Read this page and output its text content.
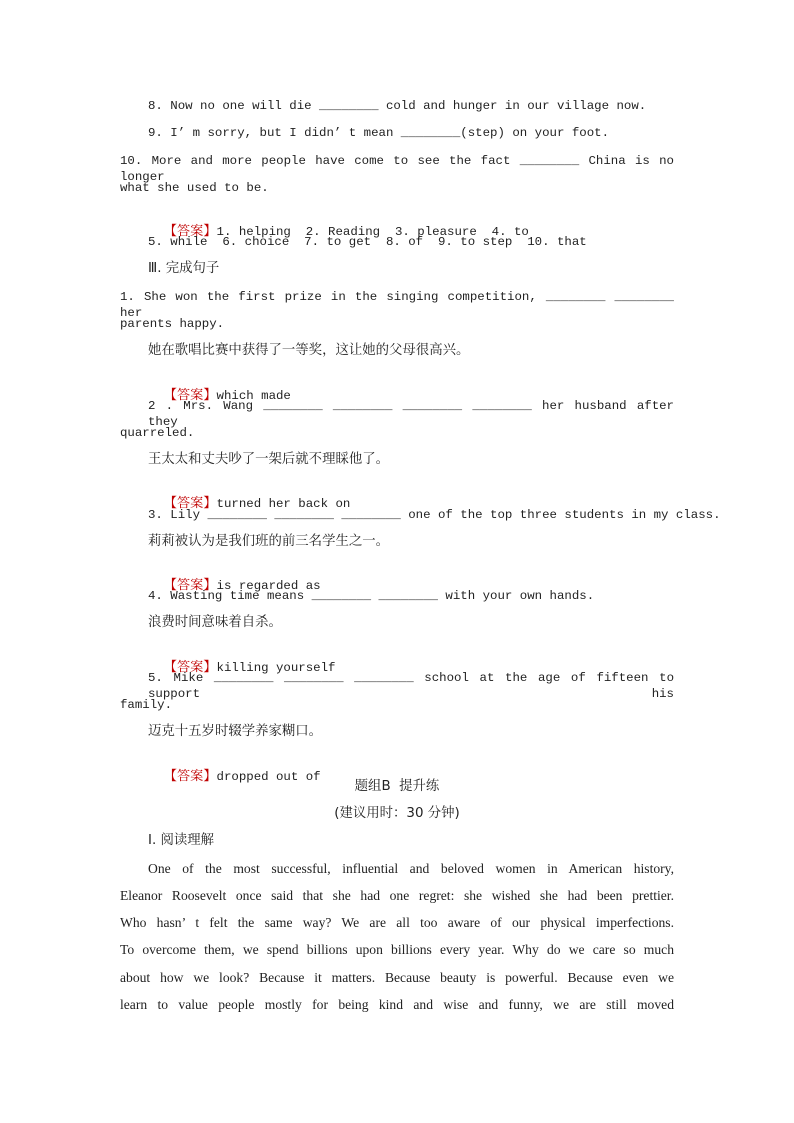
8. Now no one will die ________ cold and hunger in our village now.
9. I’ m sorry, but I didn’ t mean ________(step) on your foot.
10. More and more people have come to see the fact ________ China is no longer
what she used to be.

【答案】1. helping  2. Reading  3. pleasure  4. to

5. while  6. choice  7. to get  8. of  9. to step  10. that
Ⅲ. 完成句子
1. She won the first prize in the singing competition, ________ ________ her
parents happy.
她在歌唱比赛中获得了一等奖，这让她的父母很高兴。

【答案】which made

2 . Mrs. Wang ________ ________ ________ ________ her husband after they
quarreled.
王太太和丈夫吵了一架后就不理睬他了。

【答案】turned her back on

3. Lily ________ ________ ________ one of the top three students in my class.
莉莉被认为是我们班的前三名学生之一。

【答案】is regarded as

4. Wasting time means ________ ________ with your own hands.
浪费时间意味着自杀。

【答案】killing yourself

5. Mike ________ ________ ________ school at the age of fifteen to support his
family.
迈克十五岁时辍学养家糊口。

【答案】dropped out of

题组B  提升练
(建议用时：30 分钟)
Ⅰ. 阅读理解
One of the most successful, influential and beloved women in American history,
Eleanor Roosevelt once said that she had one regret: she wished she had been prettier.
Who hasn’ t felt the same way? We are all too aware of our physical imperfections.
To overcome them, we spend billions upon billions every year. Why do we care so much
about how we look? Because it matters. Because beauty is powerful. Because even we
learn to value people mostly for being kind and wise and funny, we are still moved
